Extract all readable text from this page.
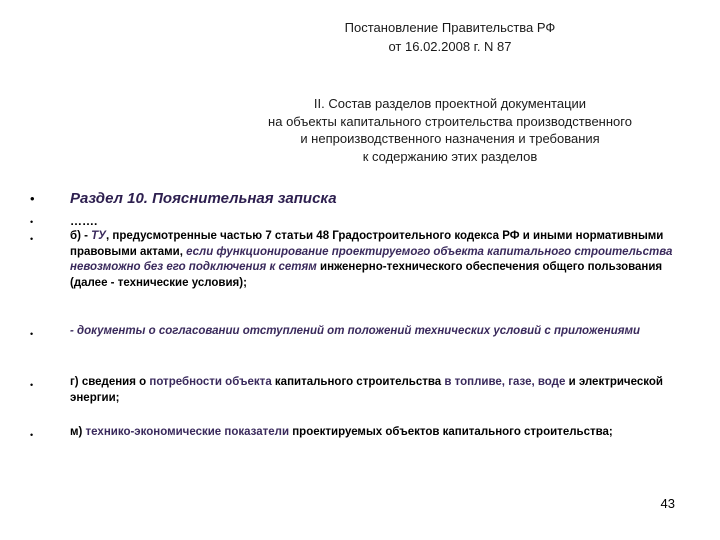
Постановление Правительства РФ
от 16.02.2008 г. N 87
II. Состав разделов проектной документации
на объекты капитального строительства производственного
и непроизводственного назначения и требования
к содержанию этих разделов
• Раздел 10. Пояснительная записка
•	…….
•	б) - ТУ, предусмотренные частью 7 статьи 48 Градостроительного кодекса РФ и иными нормативными правовыми актами, если функционирование проектируемого объекта капитального строительства невозможно без его подключения к сетям инженерно-технического обеспечения общего пользования (далее - технические условия);
•	- документы о согласовании отступлений от положений технических условий с приложениями
•	г) сведения о потребности объекта капитального строительства в топливе, газе, воде и электрической энергии;
•	м) технико-экономические показатели проектируемых объектов капитального строительства;
43
